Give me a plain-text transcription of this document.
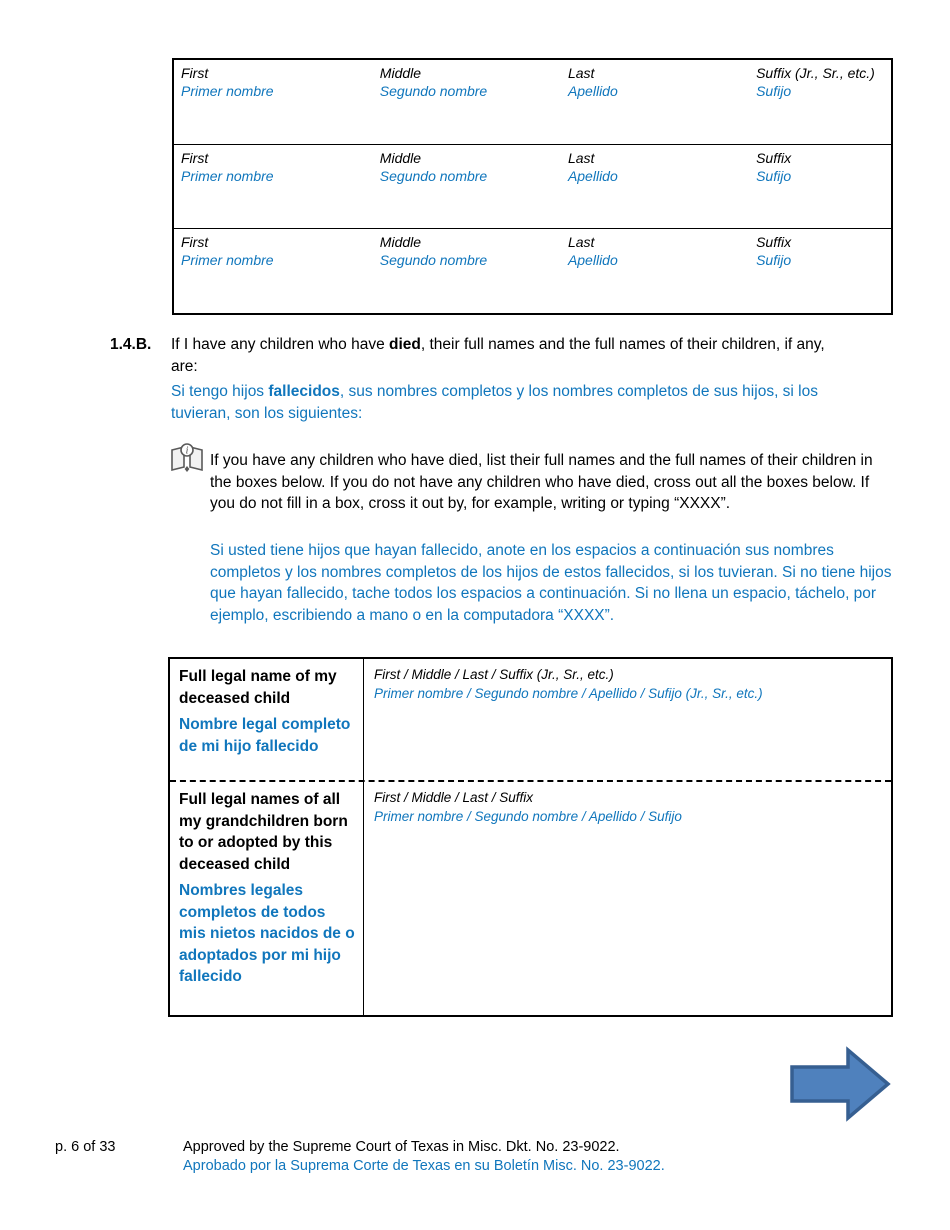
First
Primer nombre
Middle
Segundo nombre
Last
Apellido
Suffix (Jr., Sr., etc.)
Sufijo
First
Primer nombre
Middle
Segundo nombre
Last
Apellido
Suffix
Sufijo
First
Primer nombre
Middle
Segundo nombre
Last
Apellido
Suffix
Sufijo
1.4.B. If I have any children who have died, their full names and the full names of their children, if any, are:
Si tengo hijos fallecidos, sus nombres completos y los nombres completos de sus hijos, si los tuvieran, son los siguientes:
i
If you have any children who have died, list their full names and the full names of their children in the boxes below. If you do not have any children who have died, cross out all the boxes below. If you do not fill in a box, cross it out by, for example, writing or typing “XXXX”.
Si usted tiene hijos que hayan fallecido, anote en los espacios a continuación sus nombres completos y los nombres completos de los hijos de estos fallecidos, si los tuvieran. Si no tiene hijos que hayan fallecido, tache todos los espacios a continuación. Si no llena un espacio, táchelo, por ejemplo, escribiendo a mano o en la computadora “XXXX”.
Full legal name of my deceased child
Nombre legal completo de mi hijo fallecido
First / Middle / Last / Suffix (Jr., Sr., etc.)
Primer nombre / Segundo nombre / Apellido / Sufijo (Jr., Sr., etc.)
Full legal names of all my grandchildren born to or adopted by this deceased child
Nombres legales completos de todos mis nietos nacidos de o adoptados por mi hijo fallecido
First / Middle / Last / Suffix
Primer nombre / Segundo nombre / Apellido / Sufijo
p. 6 of 33	Approved by the Supreme Court of Texas in Misc. Dkt. No. 23-9022.
Aprobado por la Suprema Corte de Texas en su Boletín Misc. No. 23-9022.
